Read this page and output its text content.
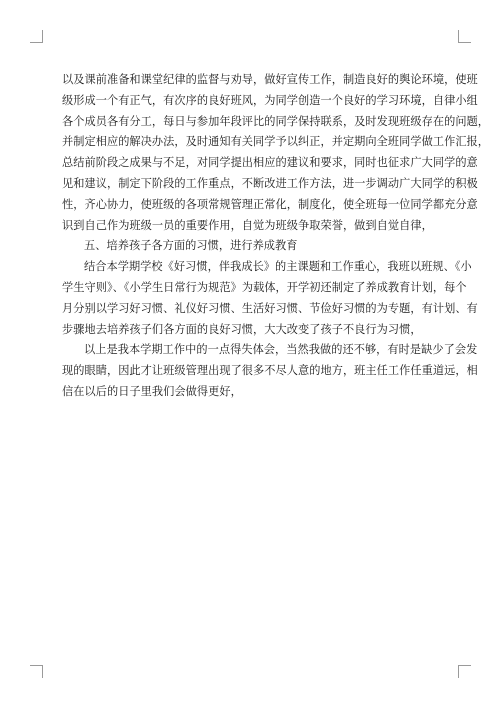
以及课前准备和课堂纪律的监督与劝导，做好宣传工作，制造良好的舆论环境，使班
级形成一个有正气，有次序的良好班风，为同学创造一个良好的学习环境，自律小组
各个成员各有分工，每日与参加年段评比的同学保持联系，及时发现班级存在的问题，
并制定相应的解决办法，及时通知有关同学予以纠正，并定期向全班同学做工作汇报，
总结前阶段之成果与不足，对同学提出相应的建议和要求，同时也征求广大同学的意
见和建议，制定下阶段的工作重点，不断改进工作方法，进一步调动广大同学的积极
性，齐心协力，使班级的各项常规管理正常化，制度化，使全班每一位同学都充分意
识到自己作为班级一员的重要作用，自觉为班级争取荣誉，做到自觉自律，
五、培养孩子各方面的习惯，进行养成教育
结合本学期学校《好习惯，伴我成长》的主课题和工作重心，我班以班规、《小
学生守则》、《小学生日常行为规范》为载体，开学初还制定了养成教育计划，每个
月分别以学习好习惯、礼仪好习惯、生活好习惯、节俭好习惯的为专题，有计划、有
步骤地去培养孩子们各方面的良好习惯，大大改变了孩子不良行为习惯，
以上是我本学期工作中的一点得失体会，当然我做的还不够，有时是缺少了会发
现的眼睛，因此才让班级管理出现了很多不尽人意的地方，班主任工作任重道远，相
信在以后的日子里我们会做得更好，
